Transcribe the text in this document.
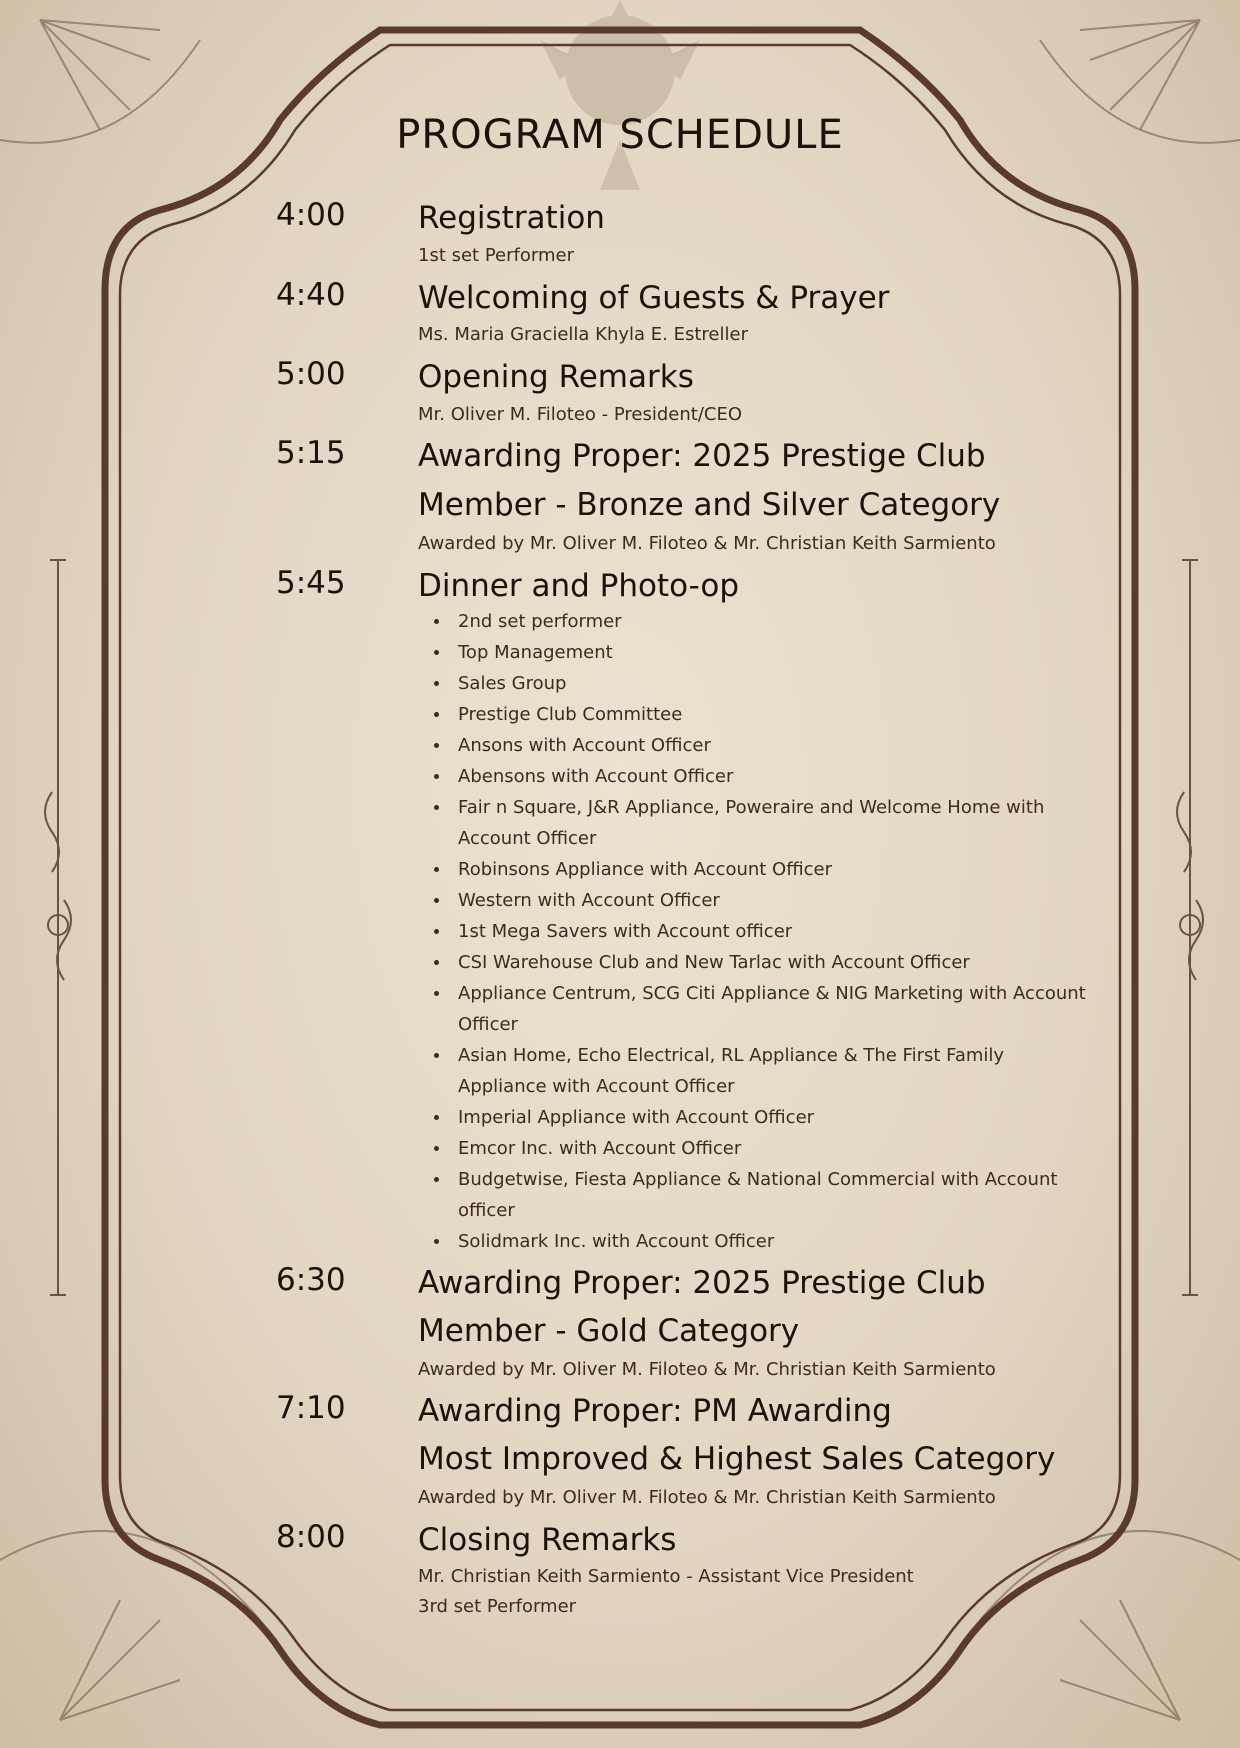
PROGRAM SCHEDULE
4:00 Registration
1st set Performer
4:40 Welcoming of Guests & Prayer
Ms. Maria Graciella Khyla E. Estreller
5:00 Opening Remarks
Mr. Oliver M. Filoteo - President/CEO
5:15 Awarding Proper: 2025 Prestige Club
Member - Bronze and Silver Category
Awarded by Mr. Oliver M. Filoteo & Mr. Christian Keith Sarmiento
5:45 Dinner and Photo-op
2nd set performer
Top Management
Sales Group
Prestige Club Committee
Ansons with Account Officer
Abensons with Account Officer
Fair n Square, J&R Appliance, Poweraire and Welcome Home with Account Officer
Robinsons Appliance with Account Officer
Western with Account Officer
1st Mega Savers with Account officer
CSI Warehouse Club and New Tarlac with Account Officer
Appliance Centrum, SCG Citi Appliance & NIG Marketing with Account Officer
Asian Home, Echo Electrical, RL Appliance & The First Family Appliance with Account Officer
Imperial Appliance with Account Officer
Emcor Inc. with Account Officer
Budgetwise, Fiesta Appliance & National Commercial with Account officer
Solidmark Inc. with Account Officer
6:30 Awarding Proper: 2025 Prestige Club
Member - Gold Category
Awarded by Mr. Oliver M. Filoteo & Mr. Christian Keith Sarmiento
7:10 Awarding Proper: PM Awarding
Most Improved & Highest Sales Category
Awarded by Mr. Oliver M. Filoteo & Mr. Christian Keith Sarmiento
8:00 Closing Remarks
Mr. Christian Keith Sarmiento - Assistant Vice President
3rd set Performer
